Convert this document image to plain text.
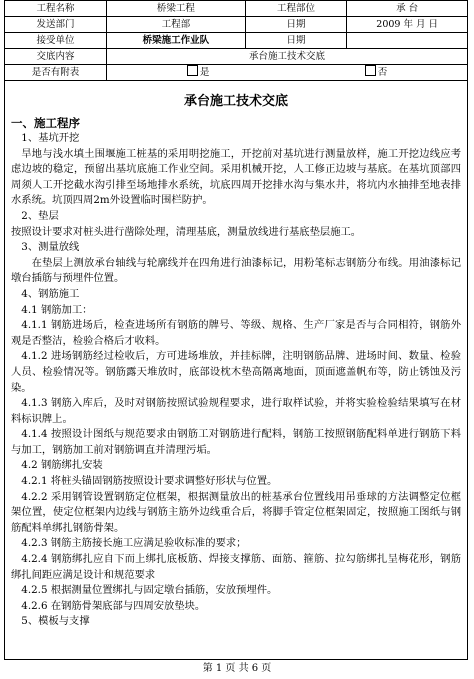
工程名称	桥梁工程	工程部位	承 台
发送部门	工程部	日期	2009 年 月 日
接受单位	桥梁施工作业队	日期	
交底内容	承台施工技术交底		
是否有附表	是 否		
承台施工技术交底
一、施工程序

1、基坑开挖

旱地与浅水填土围堰施工桩基的采用明挖施工，开挖前对基坑进行测量放样，施工开挖边线应考虑边坡的稳定，预留出基坑底施工作业空间。采用机械开挖，人工修正边坡与基底。在基坑顶部四周须人工开挖截水沟引排至场地排水系统，坑底四周开挖排水沟与集水井，将坑内水抽排至地表排水系统。坑顶四周2m外设置临时围栏防护。

2、垫层

按照设计要求对桩头进行凿除处理，清理基底，测量放线进行基底垫层施工。

3、测量放线

在垫层上测放承台轴线与轮廓线并在四角进行油漆标记，用粉笔标志钢筋分布线。用油漆标记墩台插筋与预埋件位置。

4、钢筋施工

4.1 钢筋加工：

4.1.1 钢筋进场后，检查进场所有钢筋的牌号、等级、规格、生产厂家是否与合同相符，钢筋外观是否整洁，检验合格后才收料。

4.1.2 进场钢筋经过检收后，方可进场堆放，并挂标牌，注明钢筋品牌、进场时间、数量、检验人员、检验情况等。钢筋露天堆放时，底部设枕木垫高隔离地面，顶面遮盖帆布等，防止锈蚀及污染。

4.1.3 钢筋入库后，及时对钢筋按照试验规程要求，进行取样试验，并将实验检验结果填写在材料标识牌上。

4.1.4 按照设计图纸与规范要求由钢筋工对钢筋进行配料，钢筋工按照钢筋配料单进行钢筋下料与加工，钢筋加工前对钢筋调直并清理污垢。

4.2 钢筋绑扎安装

4.2.1 将桩头锚固钢筋按照设计要求调整好形状与位置。

4.2.2 采用钢管设置钢筋定位框架，根据测量放出的桩基承台位置线用吊垂球的方法调整定位框架位置，使定位框架内边线与钢筋主筋外边线重合后，将脚手管定位框架固定，按照施工图纸与钢筋配料单绑扎钢筋骨架。

4.2.3 钢筋主筋接长施工应满足验收标准的要求；

4.2.4 钢筋绑扎应自下而上绑扎底板筋、焊接支撑筋、面筋、箍筋、拉勾筋绑扎呈梅花形，钢筋绑扎间距应满足设计和规范要求

4.2.5 根据测量位置绑扎与固定墩台插筋，安放预埋件。

4.2.6 在钢筋骨架底部与四周安放垫块。

5、模板与支撑

第 1 页 共 6 页
